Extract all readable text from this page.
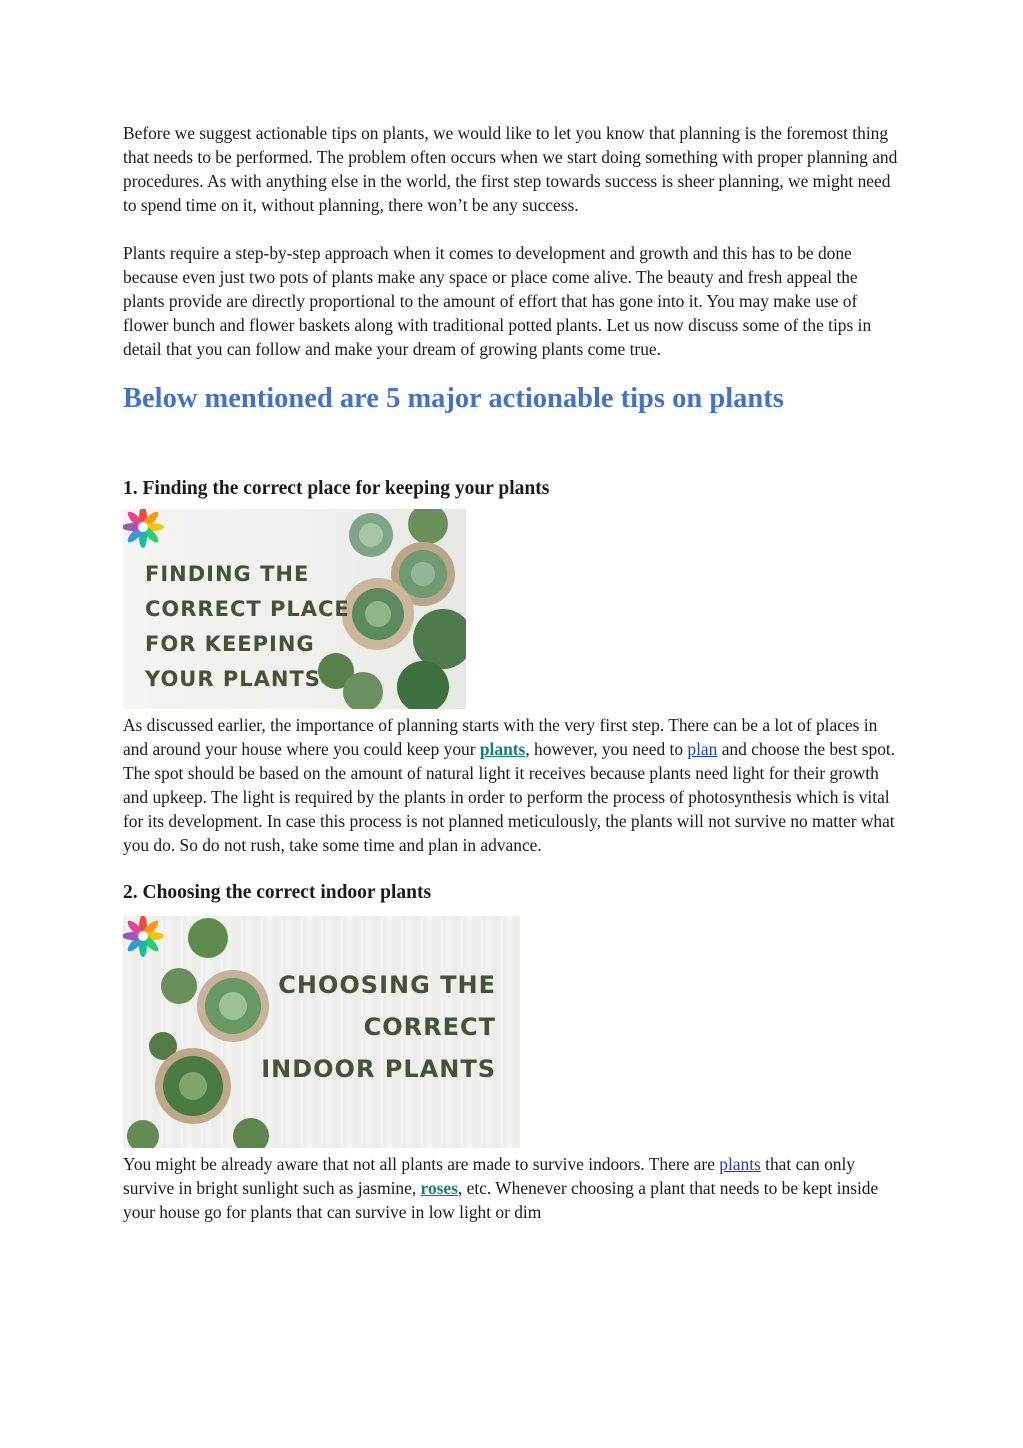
Before we suggest actionable tips on plants, we would like to let you know that planning is the foremost thing that needs to be performed. The problem often occurs when we start doing something with proper planning and procedures. As with anything else in the world, the first step towards success is sheer planning, we might need to spend time on it, without planning, there won’t be any success.

Plants require a step-by-step approach when it comes to development and growth and this has to be done because even just two pots of plants make any space or place come alive. The beauty and fresh appeal the plants provide are directly proportional to the amount of effort that has gone into it. You may make use of flower bunch and flower baskets along with traditional potted plants. Let us now discuss some of the tips in detail that you can follow and make your dream of growing plants come true.

Below mentioned are 5 major actionable tips on plants
1. Finding the correct place for keeping your plants
FINDING THE
CORRECT PLACE
FOR KEEPING
YOUR PLANTS

As discussed earlier, the importance of planning starts with the very first step. There can be a lot of places in and around your house where you could keep your plants, however, you need to plan and choose the best spot. The spot should be based on the amount of natural light it receives because plants need light for their growth and upkeep. The light is required by the plants in order to perform the process of photosynthesis which is vital for its development. In case this process is not planned meticulously, the plants will not survive no matter what you do. So do not rush, take some time and plan in advance.

2. Choosing the correct indoor plants
CHOOSING THE
CORRECT
INDOOR PLANTS

You might be already aware that not all plants are made to survive indoors. There are plants that can only survive in bright sunlight such as jasmine, roses, etc. Whenever choosing a plant that needs to be kept inside your house go for plants that can survive in low light or dim
